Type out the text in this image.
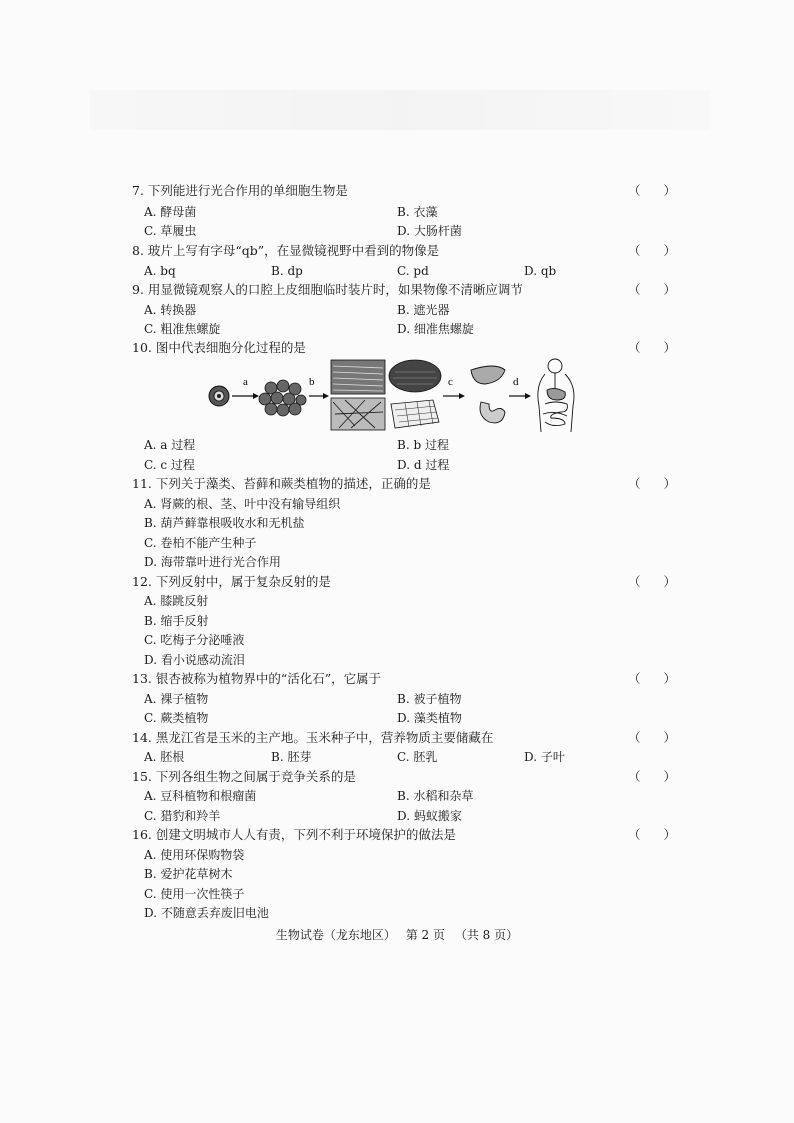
7. 下列能进行光合作用的单细胞生物是	（ ）
A. 酵母菌	B. 衣藻
C. 草履虫	D. 大肠杆菌
8. 玻片上写有字母“qb”，在显微镜视野中看到的物像是	（ ）
A. bq	B. dp	C. pd	D. qb
9. 用显微镜观察人的口腔上皮细胞临时装片时，如果物像不清晰应调节	（ ）
A. 转换器	B. 遮光器
C. 粗准焦螺旋	D. 细准焦螺旋
10. 图中代表细胞分化过程的是	（ ）
a	b	c	d
A. a 过程	B. b 过程
C. c 过程	D. d 过程
11. 下列关于藻类、苔藓和蕨类植物的描述，正确的是	（ ）
A. 肾蕨的根、茎、叶中没有输导组织
B. 葫芦藓靠根吸收水和无机盐
C. 卷柏不能产生种子
D. 海带靠叶进行光合作用
12. 下列反射中，属于复杂反射的是	（ ）
A. 膝跳反射
B. 缩手反射
C. 吃梅子分泌唾液
D. 看小说感动流泪
13. 银杏被称为植物界中的“活化石”，它属于	（ ）
A. 裸子植物	B. 被子植物
C. 蕨类植物	D. 藻类植物
14. 黑龙江省是玉米的主产地。玉米种子中，营养物质主要储藏在	（ ）
A. 胚根	B. 胚芽	C. 胚乳	D. 子叶
15. 下列各组生物之间属于竞争关系的是	（ ）
A. 豆科植物和根瘤菌	B. 水稻和杂草
C. 猎豹和羚羊	D. 蚂蚁搬家
16. 创建文明城市人人有责，下列不利于环境保护的做法是	（ ）
A. 使用环保购物袋
B. 爱护花草树木
C. 使用一次性筷子
D. 不随意丢弃废旧电池
生物试卷（龙东地区） 第 2 页 （共 8 页）
